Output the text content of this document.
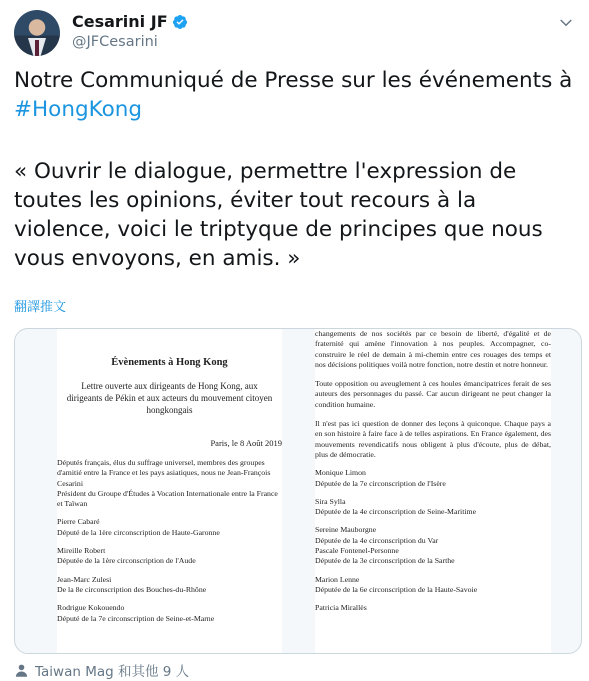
Cesarini JF
@JFCesarini

Notre Communiqué de Presse sur les événements à #HongKong

« Ouvrir le dialogue, permettre l'expression de toutes les opinions, éviter tout recours à la violence, voici le triptyque de principes que nous vous envoyons, en amis. »

翻譯推文
Évènements à Hong Kong
Lettre ouverte aux dirigeants de Hong Kong, aux dirigeants de Pékin et aux acteurs du mouvement citoyen hongkongais
Paris, le 8 Août 2019
Députés français, élus du suffrage universel, membres des groupes d'amitié entre la France et les pays asiatiques, nous ne Jean-François Cesarini
Président du Groupe d'Études à Vocation Internationale entre la France et Taïwan
Pierre Cabaré
Député de la 1ère circonscription de Haute-Garonne
Mireille Robert
Députée de la 1ère circonscription de l'Aude
Jean-Marc Zulesi
De la 8e circonscription des Bouches-du-Rhône
Rodrigue Kokouendo
Député de la 7e circonscription de Seine-et-Marne
changements de nos sociétés par ce besoin de liberté, d'égalité et de fraternité qui amène l'innovation à nos peuples. Accompagner, co-construire le réel de demain à mi-chemin entre ces rouages des temps et nos décisions politiques voilà notre fonction, notre destin et notre honneur.
Toute opposition ou aveuglement à ces houles émancipatrices ferait de ses auteurs des personnages du passé. Car aucun dirigeant ne peut changer la condition humaine.
Il n'est pas ici question de donner des leçons à quiconque. Chaque pays a en son histoire à faire face à de telles aspirations. En France également, des mouvements revendicatifs nous obligent à plus d'écoute, plus de débat, plus de démocratie.
Monique Limon
Députée de la 7e circonscription de l'Isère
Sira Sylla
Députée de la 4e circonscription de Seine-Maritime
Sereine Mauborgne
Députée de la 4e circonscription du Var
Pascale Fontenel-Personne
Députée de la 3e circonscription de la Sarthe
Marion Lenne
Députée de la 6e circonscription de la Haute-Savoie
Patricia Mirallès
Taiwan Mag 和其他 9 人
